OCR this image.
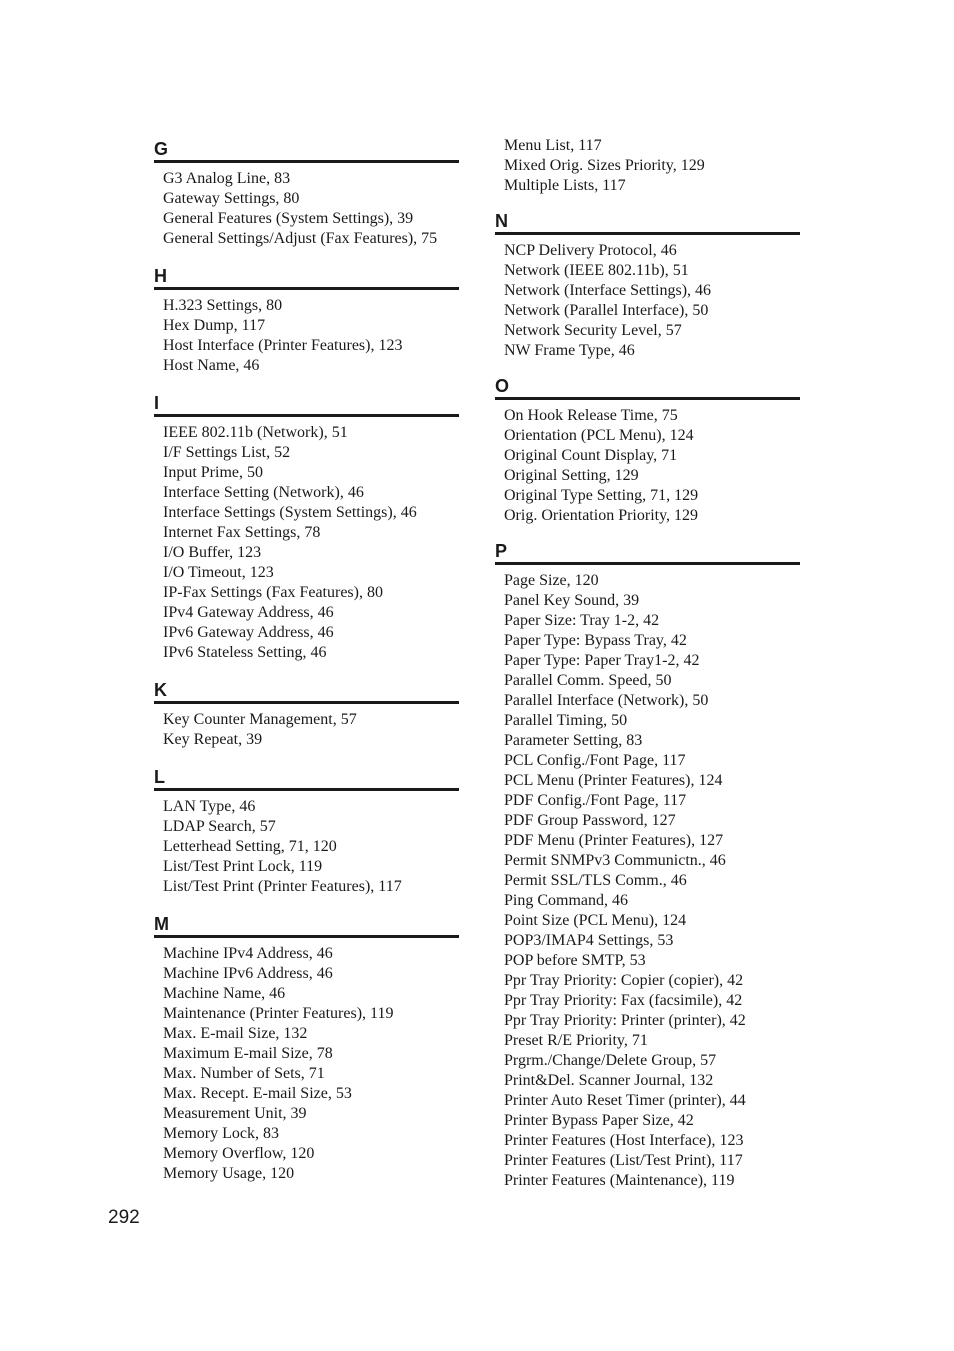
G
G3 Analog Line, 83
Gateway Settings, 80
General Features (System Settings), 39
General Settings/Adjust (Fax Features), 75
H
H.323 Settings, 80
Hex Dump, 117
Host Interface (Printer Features), 123
Host Name, 46
I
IEEE 802.11b (Network), 51
I/F Settings List, 52
Input Prime, 50
Interface Setting (Network), 46
Interface Settings (System Settings), 46
Internet Fax Settings, 78
I/O Buffer, 123
I/O Timeout, 123
IP-Fax Settings (Fax Features), 80
IPv4 Gateway Address, 46
IPv6 Gateway Address, 46
IPv6 Stateless Setting, 46
K
Key Counter Management, 57
Key Repeat, 39
L
LAN Type, 46
LDAP Search, 57
Letterhead Setting, 71, 120
List/Test Print Lock, 119
List/Test Print (Printer Features), 117
M
Machine IPv4 Address, 46
Machine IPv6 Address, 46
Machine Name, 46
Maintenance (Printer Features), 119
Max. E-mail Size, 132
Maximum E-mail Size, 78
Max. Number of Sets, 71
Max. Recept. E-mail Size, 53
Measurement Unit, 39
Memory Lock, 83
Memory Overflow, 120
Memory Usage, 120
Menu List, 117
Mixed Orig. Sizes Priority, 129
Multiple Lists, 117
N
NCP Delivery Protocol, 46
Network (IEEE 802.11b), 51
Network (Interface Settings), 46
Network (Parallel Interface), 50
Network Security Level, 57
NW Frame Type, 46
O
On Hook Release Time, 75
Orientation (PCL Menu), 124
Original Count Display, 71
Original Setting, 129
Original Type Setting, 71, 129
Orig. Orientation Priority, 129
P
Page Size, 120
Panel Key Sound, 39
Paper Size: Tray 1-2, 42
Paper Type: Bypass Tray, 42
Paper Type: Paper Tray1-2, 42
Parallel Comm. Speed, 50
Parallel Interface (Network), 50
Parallel Timing, 50
Parameter Setting, 83
PCL Config./Font Page, 117
PCL Menu (Printer Features), 124
PDF Config./Font Page, 117
PDF Group Password, 127
PDF Menu (Printer Features), 127
Permit SNMPv3 Communictn., 46
Permit SSL/TLS Comm., 46
Ping Command, 46
Point Size (PCL Menu), 124
POP3/IMAP4 Settings, 53
POP before SMTP, 53
Ppr Tray Priority: Copier (copier), 42
Ppr Tray Priority: Fax (facsimile), 42
Ppr Tray Priority: Printer (printer), 42
Preset R/E Priority, 71
Prgrm./Change/Delete Group, 57
Print&Del. Scanner Journal, 132
Printer Auto Reset Timer (printer), 44
Printer Bypass Paper Size, 42
Printer Features (Host Interface), 123
Printer Features (List/Test Print), 117
Printer Features (Maintenance), 119
292
